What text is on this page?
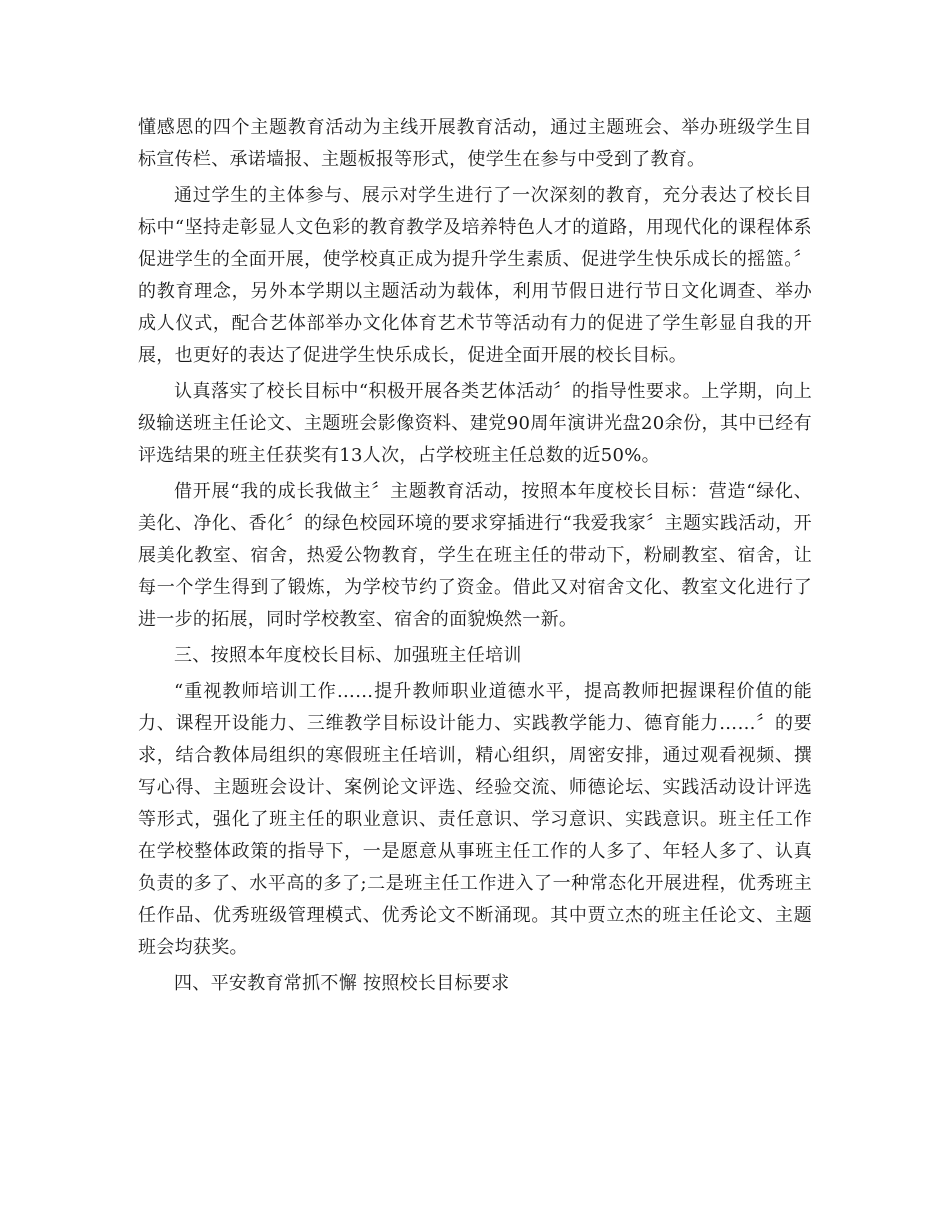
懂感恩的四个主题教育活动为主线开展教育活动，通过主题班会、举办班级学生目标宣传栏、承诺墙报、主题板报等形式，使学生在参与中受到了教育。

通过学生的主体参与、展示对学生进行了一次深刻的教育，充分表达了校长目标中“坚持走彰显人文色彩的教育教学及培养特色人才的道路，用现代化的课程体系促进学生的全面开展，使学校真正成为提升学生素质、促进学生快乐成长的摇篮。〞的教育理念，另外本学期以主题活动为载体，利用节假日进行节日文化调查、举办成人仪式，配合艺体部举办文化体育艺术节等活动有力的促进了学生彰显自我的开展，也更好的表达了促进学生快乐成长，促进全面开展的校长目标。

认真落实了校长目标中“积极开展各类艺体活动〞的指导性要求。上学期，向上级输送班主任论文、主题班会影像资料、建党90周年演讲光盘20余份，其中已经有评选结果的班主任获奖有13人次，占学校班主任总数的近50%。

借开展“我的成长我做主〞主题教育活动，按照本年度校长目标：营造“绿化、美化、净化、香化〞的绿色校园环境的要求穿插进行“我爱我家〞主题实践活动，开展美化教室、宿舍，热爱公物教育，学生在班主任的带动下，粉刷教室、宿舍，让每一个学生得到了锻炼，为学校节约了资金。借此又对宿舍文化、教室文化进行了进一步的拓展，同时学校教室、宿舍的面貌焕然一新。

三、按照本年度校长目标、加强班主任培训

“重视教师培训工作……提升教师职业道德水平，提高教师把握课程价值的能力、课程开设能力、三维教学目标设计能力、实践教学能力、德育能力……〞的要求，结合教体局组织的寒假班主任培训，精心组织，周密安排，通过观看视频、撰写心得、主题班会设计、案例论文评选、经验交流、师德论坛、实践活动设计评选等形式，强化了班主任的职业意识、责任意识、学习意识、实践意识。班主任工作在学校整体政策的指导下，一是愿意从事班主任工作的人多了、年轻人多了、认真负责的多了、水平高的多了;二是班主任工作进入了一种常态化开展进程，优秀班主任作品、优秀班级管理模式、优秀论文不断涌现。其中贾立杰的班主任论文、主题班会均获奖。

四、平安教育常抓不懈 按照校长目标要求
